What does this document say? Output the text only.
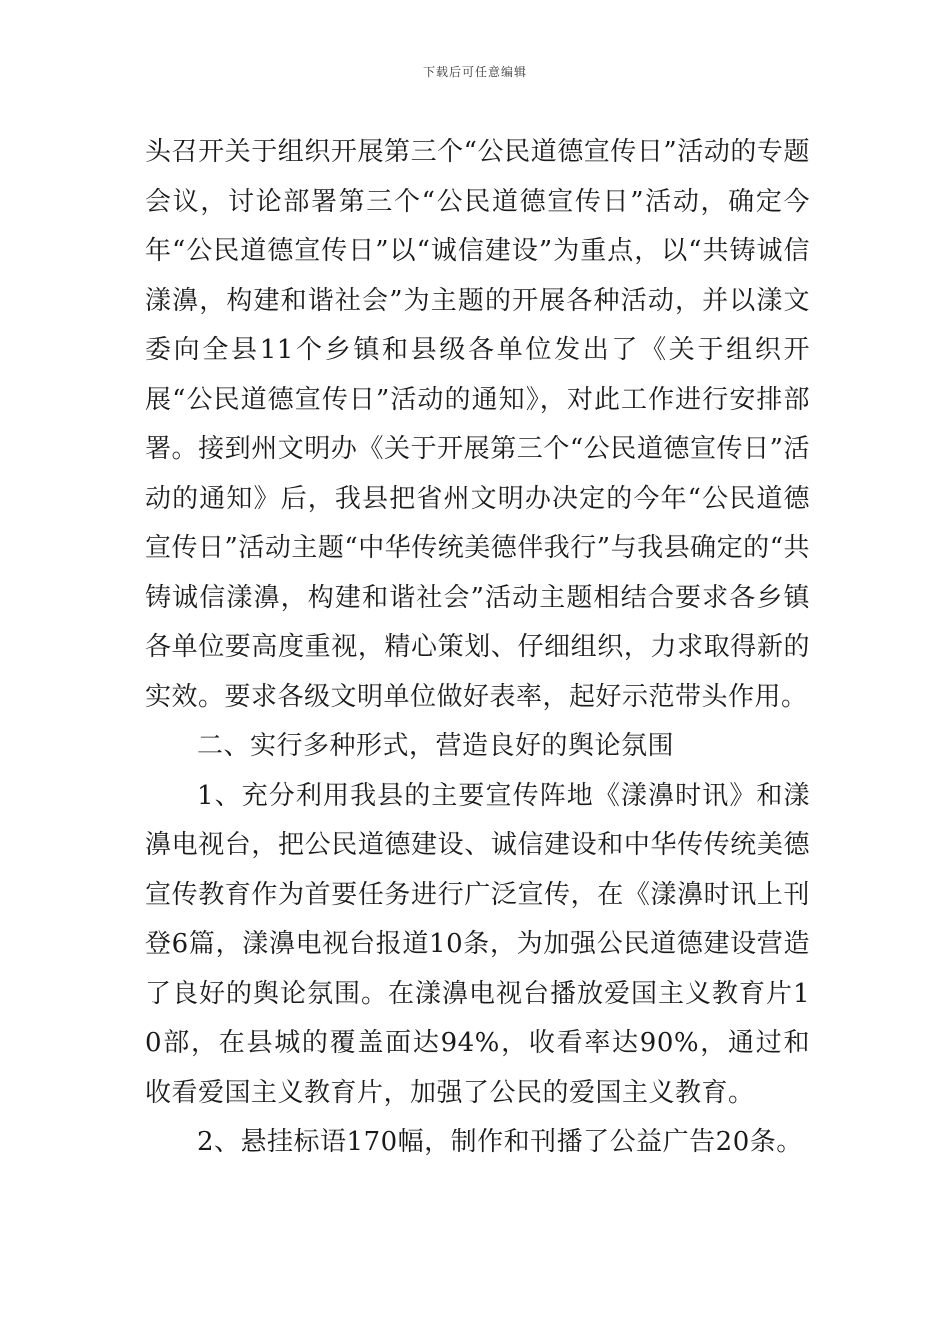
下载后可任意编辑

头召开关于组织开展第三个“公民道德宣传日”活动的专题会议，讨论部署第三个“公民道德宣传日”活动，确定今年“公民道德宣传日”以“诚信建设”为重点，以“共铸诚信漾濞，构建和谐社会”为主题的开展各种活动，并以漾文委向全县11个乡镇和县级各单位发出了《关于组织开展“公民道德宣传日”活动的通知》，对此工作进行安排部署。接到州文明办《关于开展第三个“公民道德宣传日”活动的通知》后，我县把省州文明办决定的今年“公民道德宣传日”活动主题“中华传统美德伴我行”与我县确定的“共铸诚信漾濞，构建和谐社会”活动主题相结合要求各乡镇各单位要高度重视，精心策划、仔细组织，力求取得新的实效。要求各级文明单位做好表率，起好示范带头作用。

二、实行多种形式，营造良好的舆论氛围

1、充分利用我县的主要宣传阵地《漾濞时讯》和漾濞电视台，把公民道德建设、诚信建设和中华传传统美德宣传教育作为首要任务进行广泛宣传，在《漾濞时讯上刊登6篇，漾濞电视台报道10条，为加强公民道德建设营造了良好的舆论氛围。在漾濞电视台播放爱国主义教育片10部，在县城的覆盖面达94%，收看率达90%，通过和收看爱国主义教育片，加强了公民的爱国主义教育。

2、悬挂标语170幅，制作和刊播了公益广告20条。
